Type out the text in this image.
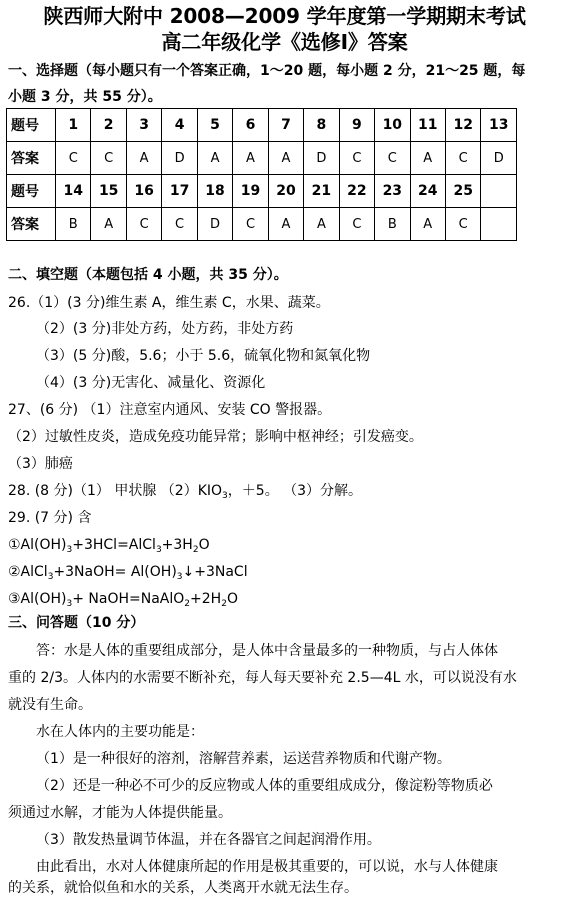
陕西师大附中 2008—2009 学年度第一学期期末考试
高二年级化学《选修Ⅰ》答案
一、选择题（每小题只有一个答案正确，1～20 题，每小题 2 分，21～25 题，每
小题 3 分，共 55 分）。
题号	1	2	3	4	5	6	7	8	9	10	11	12	13
答案	C	C	A	D	A	A	A	D	C	C	A	C	D
题号	14	15	16	17	18	19	20	21	22	23	24	25	
答案	B	A	C	C	D	C	A	A	C	B	A	C	
二、填空题（本题包括 4 小题，共 35 分）。
26.（1）(3 分)维生素 A，维生素 C，水果、蔬菜。
（2）(3 分)非处方药，处方药，非处方药
（3）(5 分)酸，5.6；小于 5.6，硫氧化物和氮氧化物
（4）(3 分)无害化、减量化、资源化
27、(6 分) （1）注意室内通风、安装 CO 警报器。
（2）过敏性皮炎，造成免疫功能异常；影响中枢神经；引发癌变。
（3）肺癌
28. (8 分)（1） 甲状腺 $(2)KIO_3$，＋5。 （3）分解。
29. (7 分) 含
$①Al(OH)_3+3HCl=AlCl_3+3H_2O$
②AlCl$_3$+3NaOH= $Al(OH)_3↓+3NaCl$
$③Al(OH)_3+$ $NaOH=NaAlO_2+2H_2O$
三、问答题（10 分）
答：水是人体的重要组成部分，是人体中含量最多的一种物质，与占人体体
重的 2/3。人体内的水需要不断补充，每人每天要补充 2.5—4L 水，可以说没有水
就没有生命。
水在人体内的主要功能是：
（1）是一种很好的溶剂，溶解营养素，运送营养物质和代谢产物。
（2）还是一种必不可少的反应物或人体的重要组成成分，像淀粉等物质必
须通过水解，才能为人体提供能量。
（3）散发热量调节体温，并在各器官之间起润滑作用。
由此看出，水对人体健康所起的作用是极其重要的，可以说，水与人体健康
的关系，就恰似鱼和水的关系，人类离开水就无法生存。
